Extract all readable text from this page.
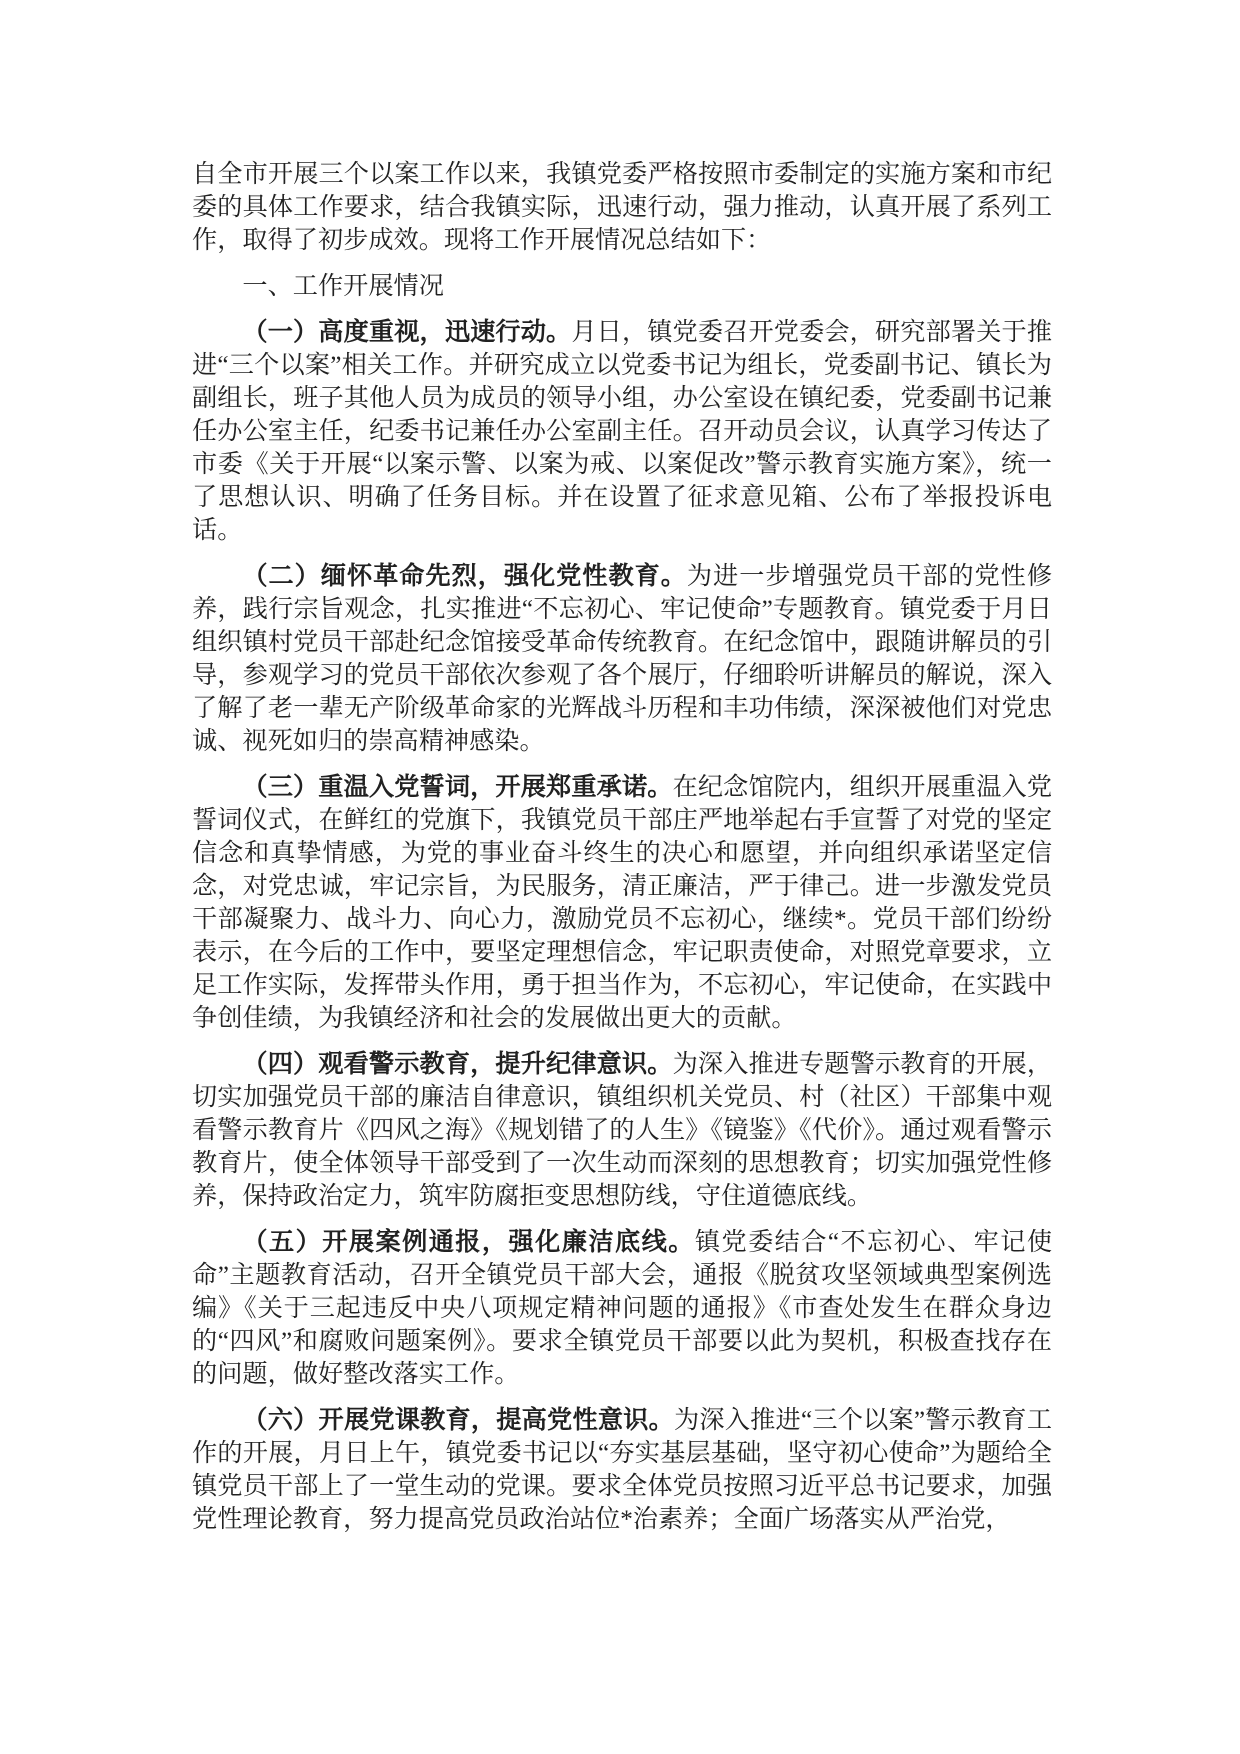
自全市开展三个以案工作以来，我镇党委严格按照市委制定的实施方案和市纪委的具体工作要求，结合我镇实际，迅速行动，强力推动，认真开展了系列工作，取得了初步成效。现将工作开展情况总结如下：

一、工作开展情况

（一）高度重视，迅速行动。月日，镇党委召开党委会，研究部署关于推进“三个以案”相关工作。并研究成立以党委书记为组长，党委副书记、镇长为副组长，班子其他人员为成员的领导小组，办公室设在镇纪委，党委副书记兼任办公室主任，纪委书记兼任办公室副主任。召开动员会议，认真学习传达了市委《关于开展“以案示警、以案为戒、以案促改”警示教育实施方案》，统一了思想认识、明确了任务目标。并在设置了征求意见箱、公布了举报投诉电话。

（二）缅怀革命先烈，强化党性教育。为进一步增强党员干部的党性修养，践行宗旨观念，扎实推进“不忘初心、牢记使命”专题教育。镇党委于月日组织镇村党员干部赴纪念馆接受革命传统教育。在纪念馆中，跟随讲解员的引导，参观学习的党员干部依次参观了各个展厅，仔细聆听讲解员的解说，深入了解了老一辈无产阶级革命家的光辉战斗历程和丰功伟绩，深深被他们对党忠诚、视死如归的崇高精神感染。

（三）重温入党誓词，开展郑重承诺。在纪念馆院内，组织开展重温入党誓词仪式，在鲜红的党旗下，我镇党员干部庄严地举起右手宣誓了对党的坚定信念和真挚情感，为党的事业奋斗终生的决心和愿望，并向组织承诺坚定信念，对党忠诚，牢记宗旨，为民服务，清正廉洁，严于律己。进一步激发党员干部凝聚力、战斗力、向心力，激励党员不忘初心，继续*。党员干部们纷纷表示，在今后的工作中，要坚定理想信念，牢记职责使命，对照党章要求，立足工作实际，发挥带头作用，勇于担当作为，不忘初心，牢记使命，在实践中争创佳绩，为我镇经济和社会的发展做出更大的贡献。

（四）观看警示教育，提升纪律意识。为深入推进专题警示教育的开展，切实加强党员干部的廉洁自律意识，镇组织机关党员、村（社区）干部集中观看警示教育片《四风之海》《规划错了的人生》《镜鉴》《代价》。通过观看警示教育片，使全体领导干部受到了一次生动而深刻的思想教育；切实加强党性修养，保持政治定力，筑牢防腐拒变思想防线，守住道德底线。

（五）开展案例通报，强化廉洁底线。镇党委结合“不忘初心、牢记使命”主题教育活动，召开全镇党员干部大会，通报《脱贫攻坚领域典型案例选编》《关于三起违反中央八项规定精神问题的通报》《市查处发生在群众身边的“四风”和腐败问题案例》。要求全镇党员干部要以此为契机，积极查找存在的问题，做好整改落实工作。

（六）开展党课教育，提高党性意识。为深入推进“三个以案”警示教育工作的开展，月日上午，镇党委书记以“夯实基层基础，坚守初心使命”为题给全镇党员干部上了一堂生动的党课。要求全体党员按照习近平总书记要求，加强党性理论教育，努力提高党员政治站位*治素养；全面广场落实从严治党，
